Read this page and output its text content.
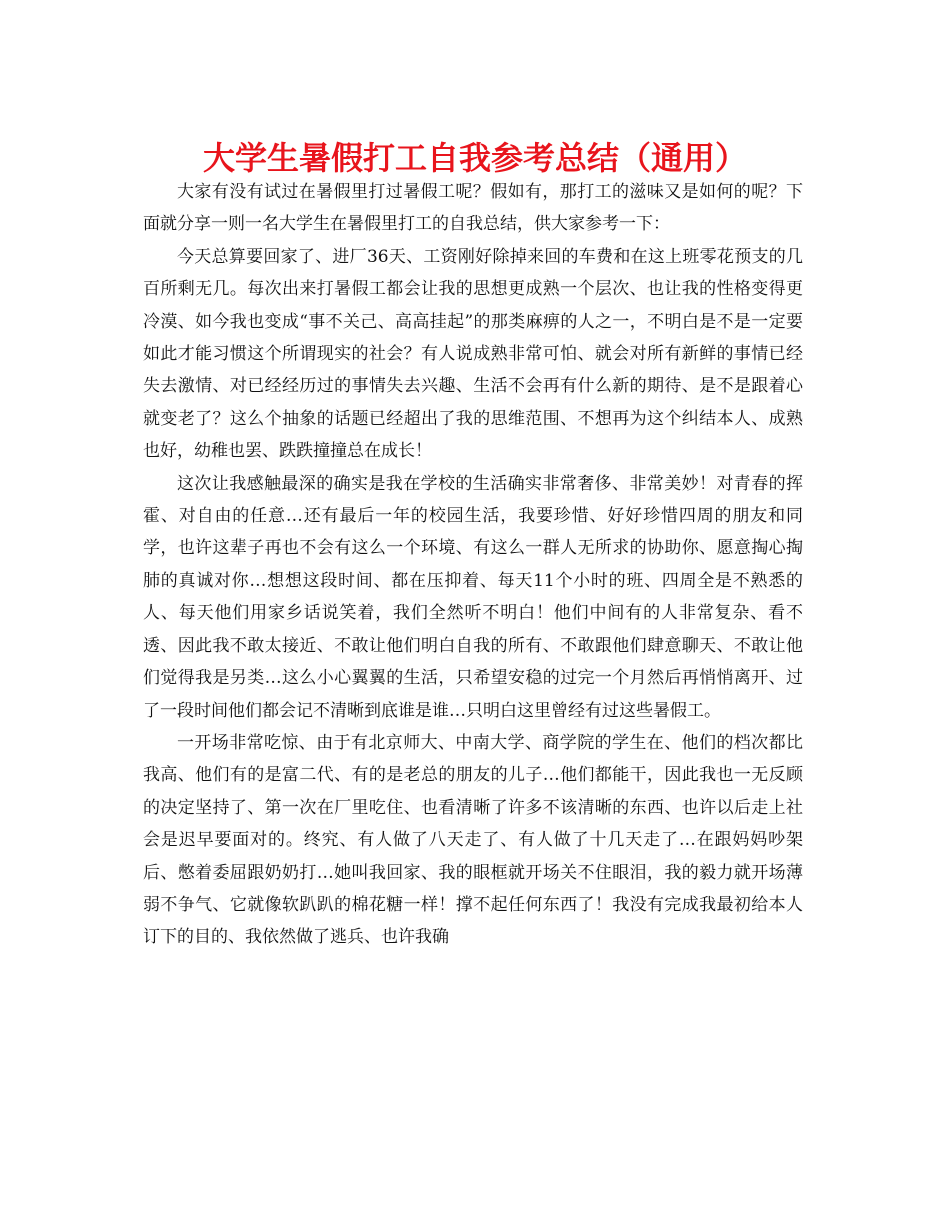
大学生暑假打工自我参考总结（通用）

大家有没有试过在暑假里打过暑假工呢？假如有，那打工的滋味又是如何的呢？下面就分享一则一名大学生在暑假里打工的自我总结，供大家参考一下：

今天总算要回家了、进厂36天、工资刚好除掉来回的车费和在这上班零花预支的几百所剩无几。每次出来打暑假工都会让我的思想更成熟一个层次、也让我的性格变得更冷漠、如今我也变成“事不关己、高高挂起”的那类麻痹的人之一，不明白是不是一定要如此才能习惯这个所谓现实的社会？有人说成熟非常可怕、就会对所有新鲜的事情已经失去激情、对已经经历过的事情失去兴趣、生活不会再有什么新的期待、是不是跟着心就变老了？这么个抽象的话题已经超出了我的思维范围、不想再为这个纠结本人、成熟也好，幼稚也罢、跌跌撞撞总在成长！

这次让我感触最深的确实是我在学校的生活确实非常奢侈、非常美妙！对青春的挥霍、对自由的任意…还有最后一年的校园生活，我要珍惜、好好珍惜四周的朋友和同学，也许这辈子再也不会有这么一个环境、有这么一群人无所求的协助你、愿意掏心掏肺的真诚对你…想想这段时间、都在压抑着、每天11个小时的班、四周全是不熟悉的人、每天他们用家乡话说笑着，我们全然听不明白！他们中间有的人非常复杂、看不透、因此我不敢太接近、不敢让他们明白自我的所有、不敢跟他们肆意聊天、不敢让他们觉得我是另类…这么小心翼翼的生活，只希望安稳的过完一个月然后再悄悄离开、过了一段时间他们都会记不清晰到底谁是谁…只明白这里曾经有过这些暑假工。

一开场非常吃惊、由于有北京师大、中南大学、商学院的学生在、他们的档次都比我高、他们有的是富二代、有的是老总的朋友的儿子…他们都能干，因此我也一无反顾的决定坚持了、第一次在厂里吃住、也看清晰了许多不该清晰的东西、也许以后走上社会是迟早要面对的。终究、有人做了八天走了、有人做了十几天走了…在跟妈妈吵架后、憋着委屈跟奶奶打…她叫我回家、我的眼框就开场关不住眼泪，我的毅力就开场薄弱不争气、它就像软趴趴的棉花糖一样！撑不起任何东西了！我没有完成我最初给本人订下的目的、我依然做了逃兵、也许我确
